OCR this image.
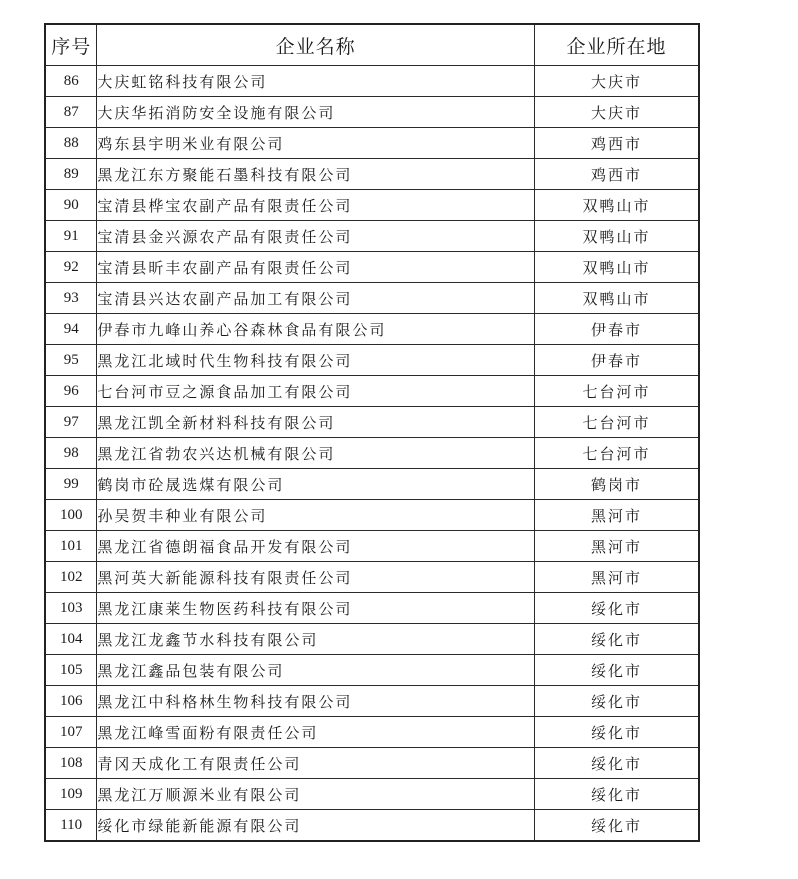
序号	企业名称	企业所在地
86	大庆虹铭科技有限公司	大庆市
87	大庆华拓消防安全设施有限公司	大庆市
88	鸡东县宇明米业有限公司	鸡西市
89	黑龙江东方聚能石墨科技有限公司	鸡西市
90	宝清县桦宝农副产品有限责任公司	双鸭山市
91	宝清县金兴源农产品有限责任公司	双鸭山市
92	宝清县昕丰农副产品有限责任公司	双鸭山市
93	宝清县兴达农副产品加工有限公司	双鸭山市
94	伊春市九峰山养心谷森林食品有限公司	伊春市
95	黑龙江北域时代生物科技有限公司	伊春市
96	七台河市豆之源食品加工有限公司	七台河市
97	黑龙江凯全新材料科技有限公司	七台河市
98	黑龙江省勃农兴达机械有限公司	七台河市
99	鹤岗市砼晟选煤有限公司	鹤岗市
100	孙吴贺丰种业有限公司	黑河市
101	黑龙江省德朗福食品开发有限公司	黑河市
102	黑河英大新能源科技有限责任公司	黑河市
103	黑龙江康莱生物医药科技有限公司	绥化市
104	黑龙江龙鑫节水科技有限公司	绥化市
105	黑龙江鑫品包装有限公司	绥化市
106	黑龙江中科格林生物科技有限公司	绥化市
107	黑龙江峰雪面粉有限责任公司	绥化市
108	青冈天成化工有限责任公司	绥化市
109	黑龙江万顺源米业有限公司	绥化市
110	绥化市绿能新能源有限公司	绥化市
